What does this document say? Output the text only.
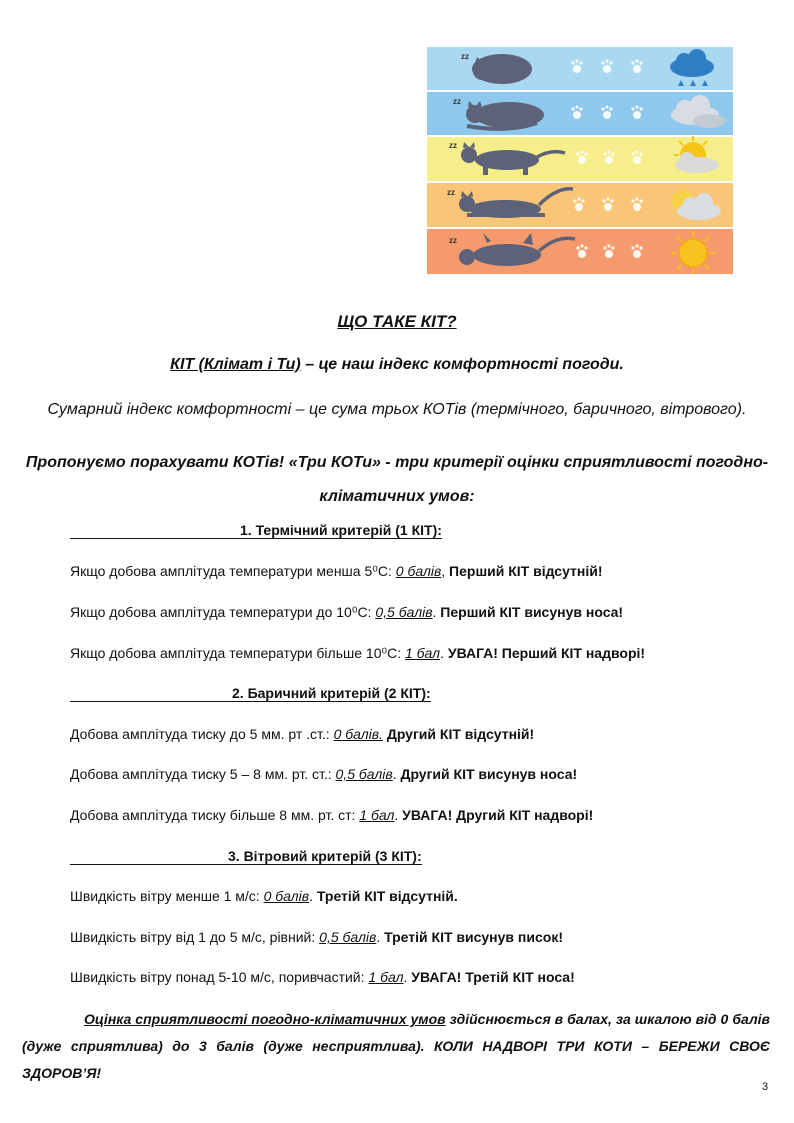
zz
zz
zz
zz
zz
ЩО ТАКЕ КІТ?
КІТ (Клімат і Ти) – це наш індекс комфортності погоди.
Сумарний індекс комфортності – це сума трьох КОТів (термічного, баричного, вітрового).
Пропонуємо порахувати КОТів! «Три КОТи» - три критерії оцінки сприятливості погодно-
кліматичних умов:
1. Термічний критерій (1 КІТ):
Якщо добова амплітуда температури менша 5⁰С: 0 балів, Перший КІТ відсутній!
Якщо добова амплітуда температури до 10⁰С: 0,5 балів. Перший КІТ висунув носа!
Якщо добова амплітуда температури більше 10⁰С: 1 бал. УВАГА! Перший КІТ надворі!
2. Баричний критерій (2 КІТ):
Добова амплітуда тиску до 5 мм. рт .ст.: 0 балів. Другий КІТ відсутній!
Добова амплітуда тиску 5 – 8 мм. рт. ст.: 0,5 балів. Другий КІТ висунув носа!
Добова амплітуда тиску більше 8 мм. рт. ст: 1 бал. УВАГА! Другий КІТ надворі!
3. Вітровий критерій (3 КІТ):
Швидкість вітру менше 1 м/с: 0 балів. Третій КІТ відсутній.
Швидкість вітру від 1 до 5 м/с, рівний: 0,5 балів. Третій КІТ висунув писок!
Швидкість вітру понад 5-10 м/с, поривчастий: 1 бал. УВАГА! Третій КІТ носа!
Оцінка сприятливості погодно-кліматичних умов здійснюється в балах, за шкалою від 0 балів (дуже сприятлива) до 3 балів (дуже несприятлива). КОЛИ НАДВОРІ ТРИ КОТИ – БЕРЕЖИ СВОЄ ЗДОРОВ’Я!
3
